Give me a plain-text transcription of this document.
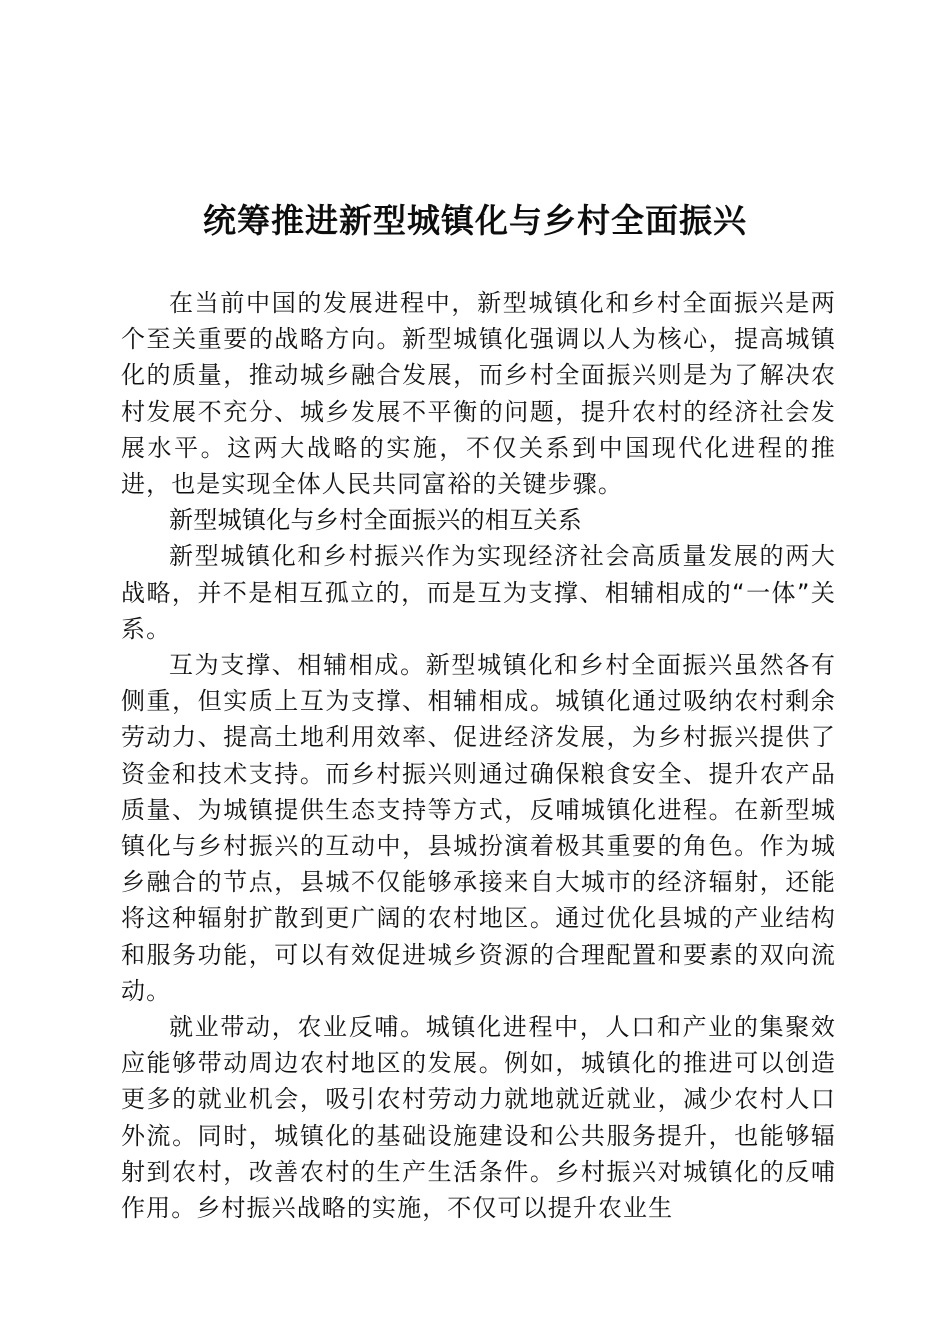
统筹推进新型城镇化与乡村全面振兴

在当前中国的发展进程中，新型城镇化和乡村全面振兴是两个至关重要的战略方向。新型城镇化强调以人为核心，提高城镇化的质量，推动城乡融合发展，而乡村全面振兴则是为了解决农村发展不充分、城乡发展不平衡的问题，提升农村的经济社会发展水平。这两大战略的实施，不仅关系到中国现代化进程的推进，也是实现全体人民共同富裕的关键步骤。

新型城镇化与乡村全面振兴的相互关系

新型城镇化和乡村振兴作为实现经济社会高质量发展的两大战略，并不是相互孤立的，而是互为支撑、相辅相成的“一体”关系。

互为支撑、相辅相成。新型城镇化和乡村全面振兴虽然各有侧重，但实质上互为支撑、相辅相成。城镇化通过吸纳农村剩余劳动力、提高土地利用效率、促进经济发展，为乡村振兴提供了资金和技术支持。而乡村振兴则通过确保粮食安全、提升农产品质量、为城镇提供生态支持等方式，反哺城镇化进程。在新型城镇化与乡村振兴的互动中，县城扮演着极其重要的角色。作为城乡融合的节点，县城不仅能够承接来自大城市的经济辐射，还能将这种辐射扩散到更广阔的农村地区。通过优化县城的产业结构和服务功能，可以有效促进城乡资源的合理配置和要素的双向流动。

就业带动，农业反哺。城镇化进程中，人口和产业的集聚效应能够带动周边农村地区的发展。例如，城镇化的推进可以创造更多的就业机会，吸引农村劳动力就地就近就业，减少农村人口外流。同时，城镇化的基础设施建设和公共服务提升，也能够辐射到农村，改善农村的生产生活条件。乡村振兴对城镇化的反哺作用。乡村振兴战略的实施，不仅可以提升农业生
